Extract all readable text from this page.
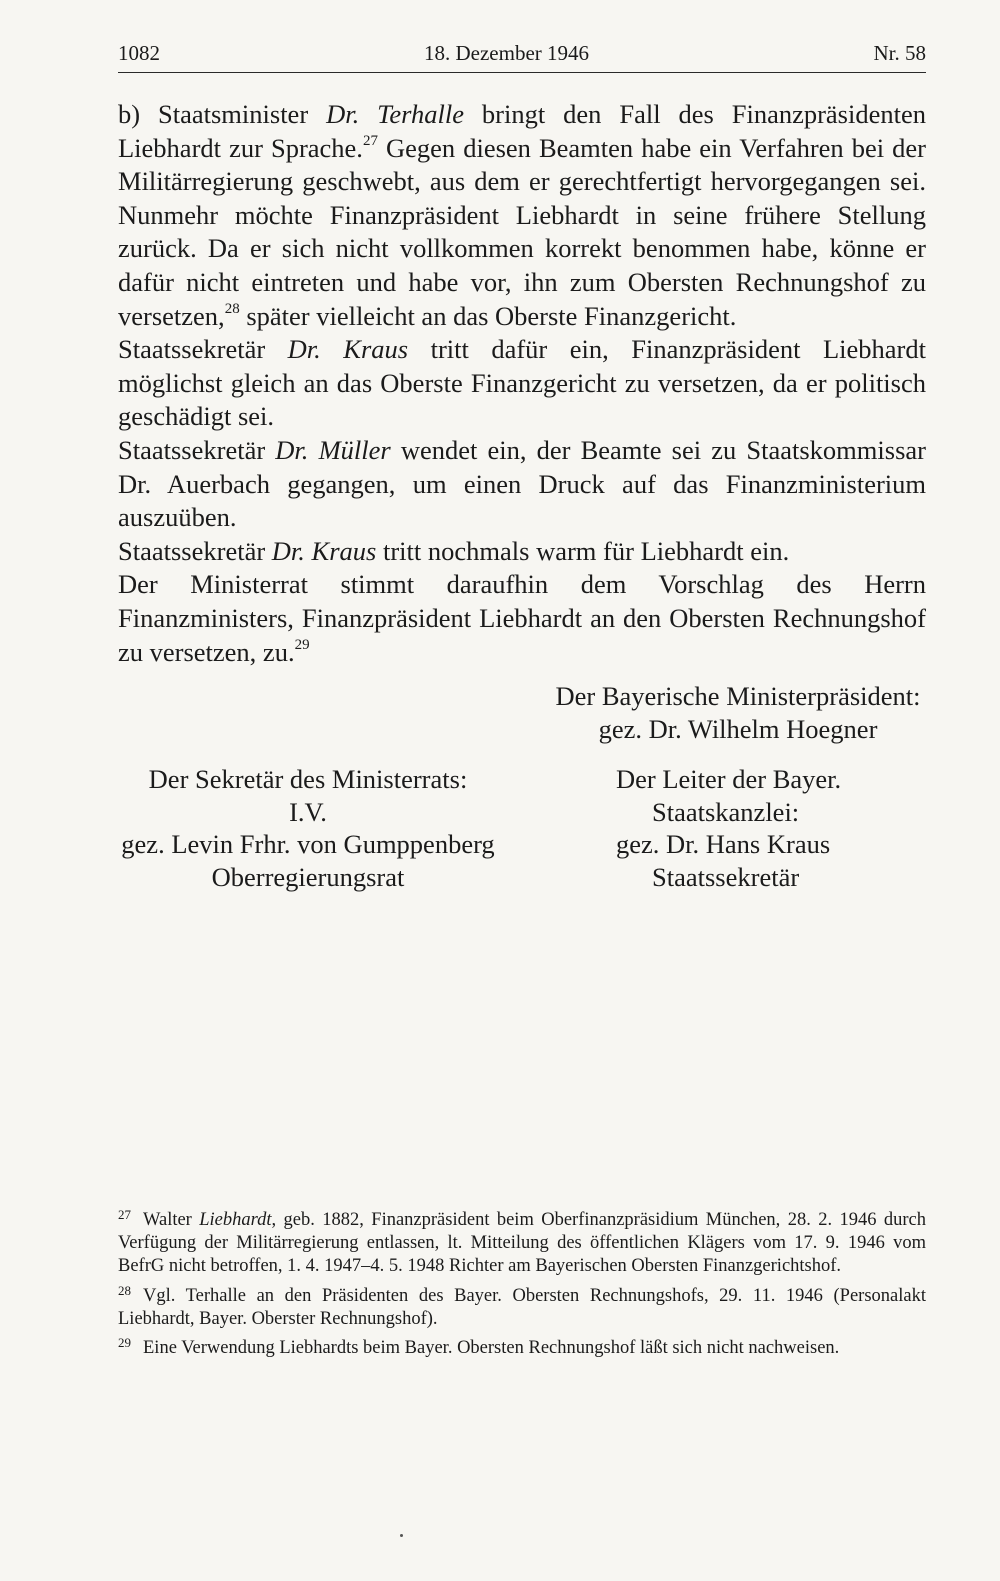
1082	18. Dezember 1946	Nr. 58

b) Staatsminister Dr. Terhalle bringt den Fall des Finanzpräsidenten Liebhardt zur Sprache.$^{27}$ Gegen diesen Beamten habe ein Verfahren bei der Militärregierung geschwebt, aus dem er gerechtfertigt hervorgegangen sei. Nunmehr möchte Finanzpräsident Liebhardt in seine frühere Stellung zurück. Da er sich nicht vollkommen korrekt benommen habe, könne er dafür nicht eintreten und habe vor, ihn zum Obersten Rechnungshof zu versetzen,$^{28}$ später vielleicht an das Oberste Finanzgericht.

Staatssekretär Dr. Kraus tritt dafür ein, Finanzpräsident Liebhardt möglichst gleich an das Oberste Finanzgericht zu versetzen, da er politisch geschädigt sei.

Staatssekretär Dr. Müller wendet ein, der Beamte sei zu Staatskommissar Dr. Auerbach gegangen, um einen Druck auf das Finanzministerium auszuüben.

Staatssekretär Dr. Kraus tritt nochmals warm für Liebhardt ein.

Der Ministerrat stimmt daraufhin dem Vorschlag des Herrn Finanzministers, Finanzpräsident Liebhardt an den Obersten Rechnungshof zu versetzen, zu.$^{29}$

Der Bayerische Ministerpräsident:
gez. Dr. Wilhelm Hoegner
Der Sekretär des Ministerrats:
I.V.
gez. Levin Frhr. von Gumppenberg
Oberregierungsrat
Der Leiter der Bayer.
Staatskanzlei:
gez. Dr. Hans Kraus
Staatssekretär
$^{27}$ Walter Liebhardt, geb. 1882, Finanzpräsident beim Oberfinanzpräsidium München, 28. 2. 1946 durch Verfügung der Militärregierung entlassen, lt. Mitteilung des öffentlichen Klägers vom 17. 9. 1946 vom BefrG nicht betroffen, 1. 4. 1947–4. 5. 1948 Richter am Bayerischen Obersten Finanzgerichtshof.
$^{28}$ Vgl. Terhalle an den Präsidenten des Bayer. Obersten Rechnungshofs, 29. 11. 1946 (Personalakt Liebhardt, Bayer. Oberster Rechnungshof).
$^{29}$ Eine Verwendung Liebhardts beim Bayer. Obersten Rechnungshof läßt sich nicht nachweisen.
